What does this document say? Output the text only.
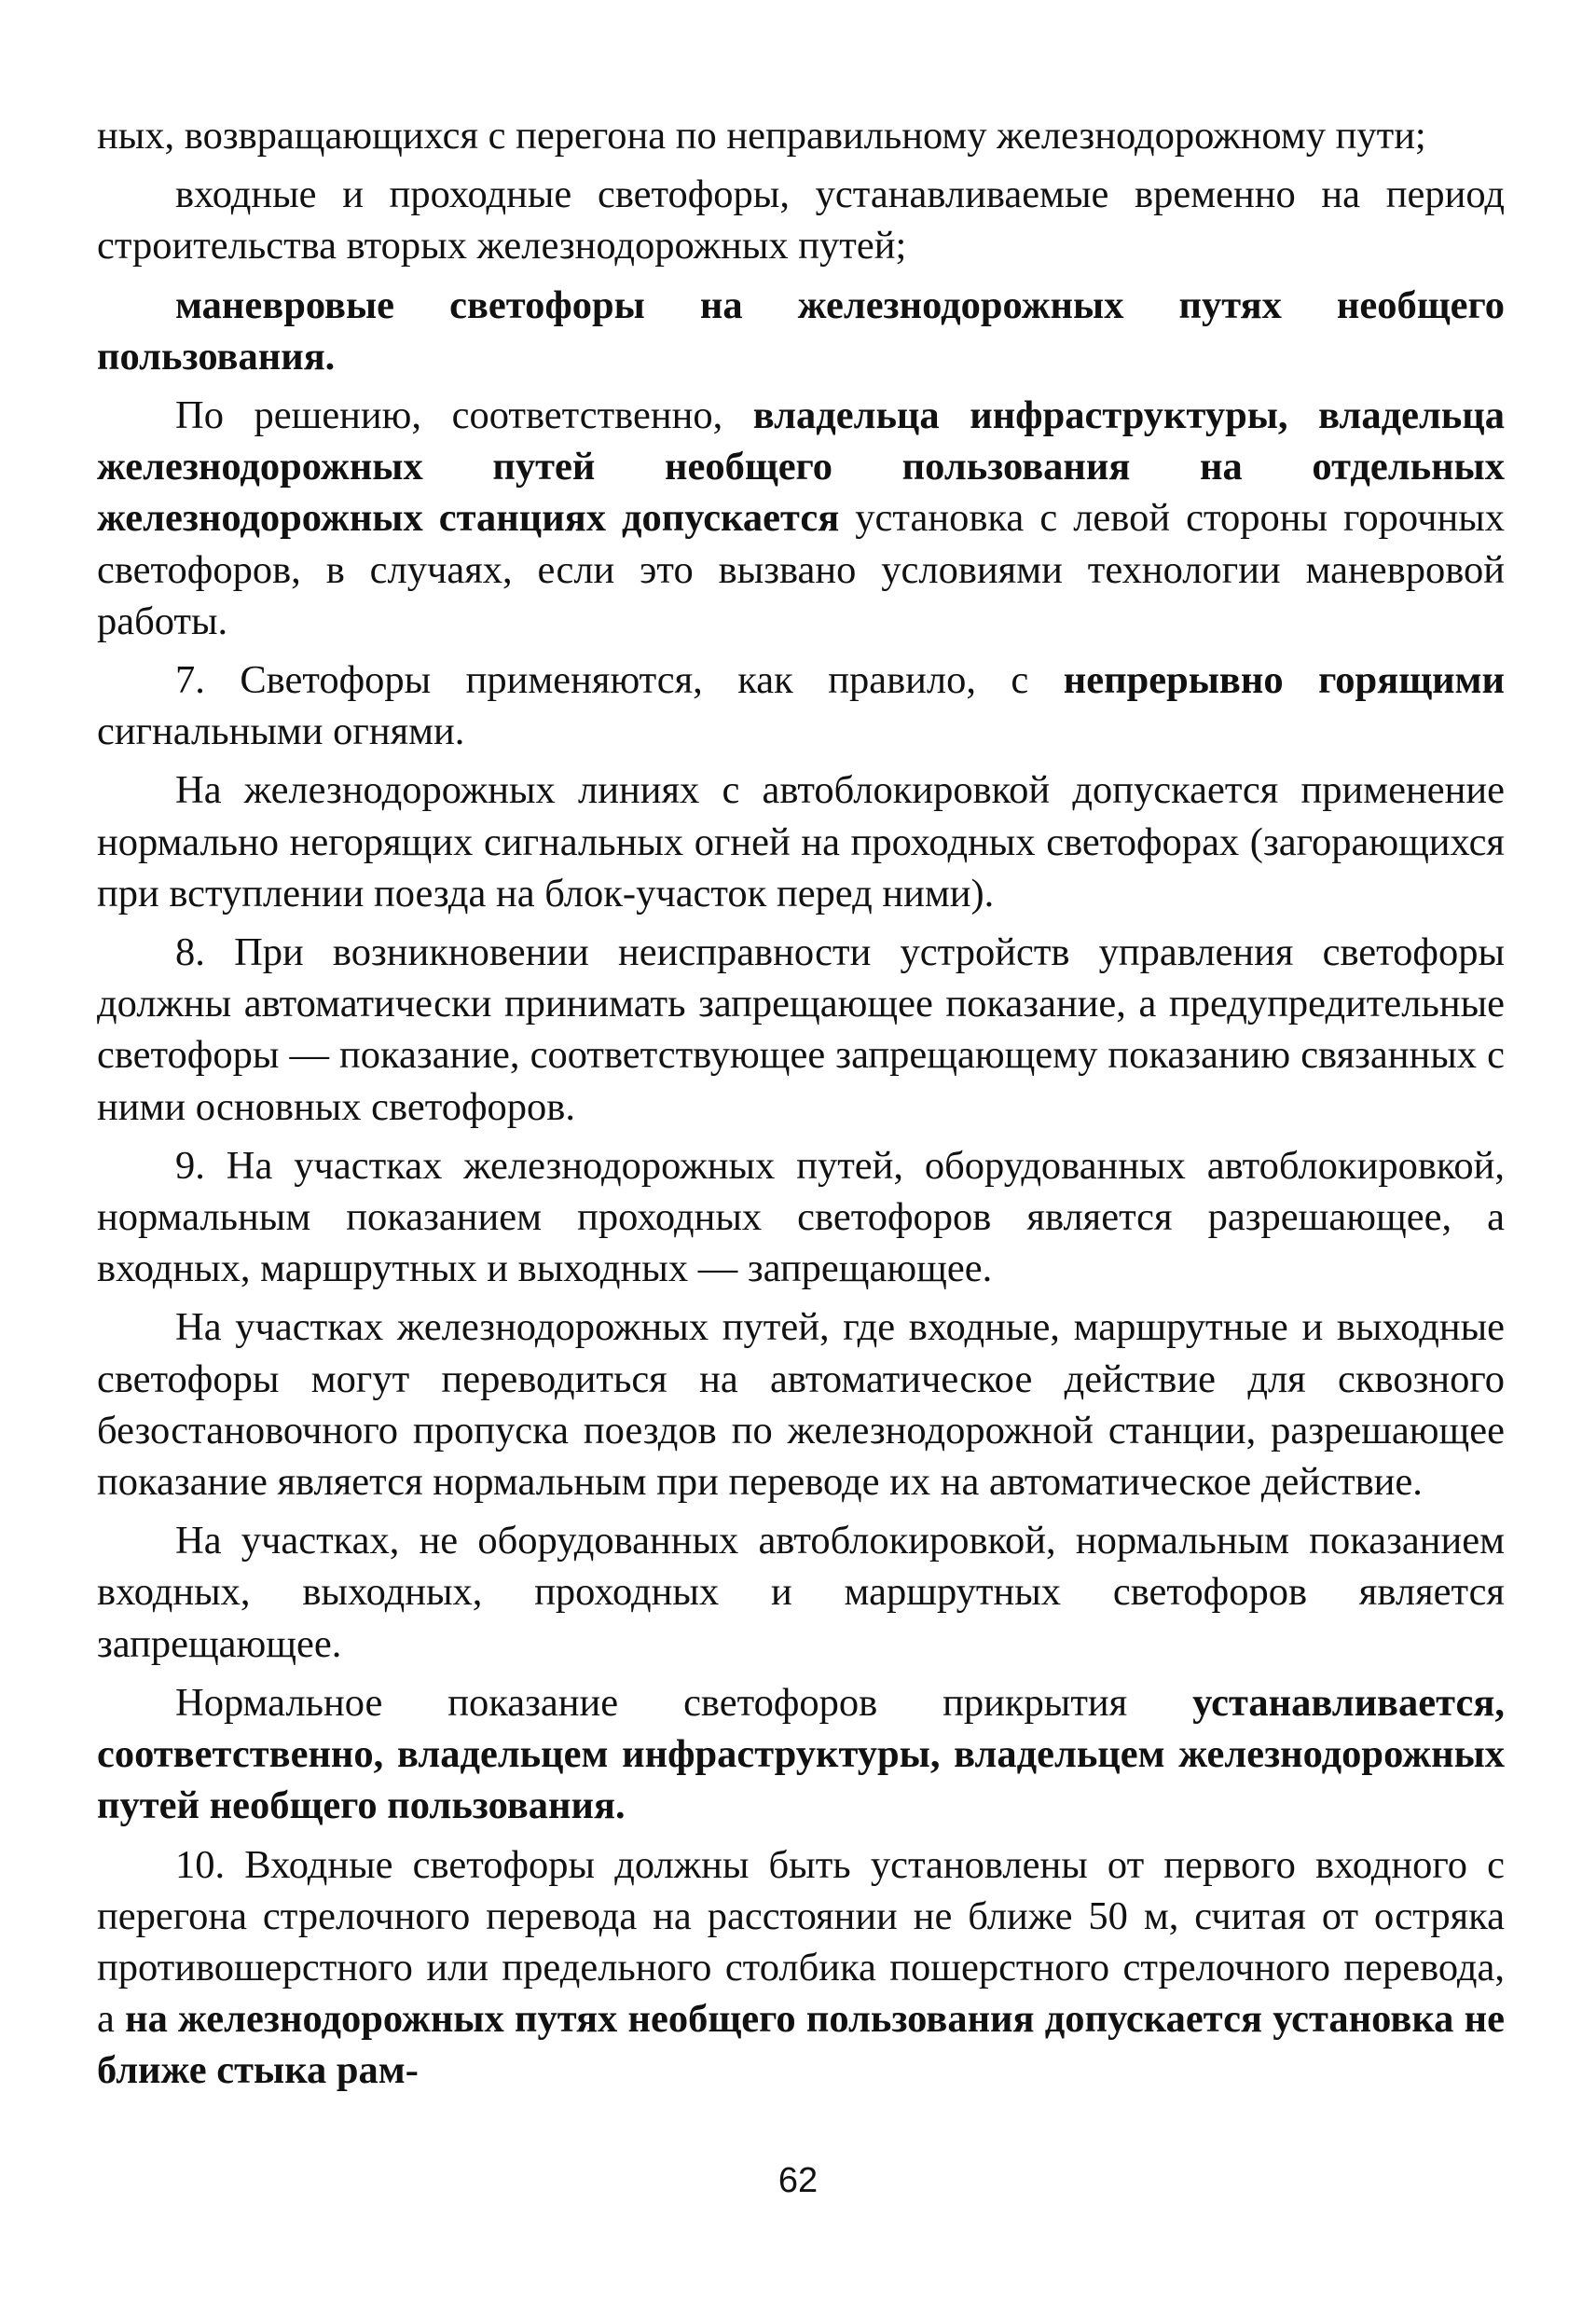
ных, возвращающихся с перегона по неправильному железнодорожному пути;

входные и проходные светофоры, устанавливаемые временно на период строительства вторых железнодорожных путей;

маневровые светофоры на железнодорожных путях необщего пользования.

По решению, соответственно, владельца инфраструктуры, владельца железнодорожных путей необщего пользования на отдельных железнодорожных станциях допускается установка с левой стороны горочных светофоров, в случаях, если это вызвано условиями технологии маневровой работы.

7. Светофоры применяются, как правило, с непрерывно горящими сигнальными огнями.

На железнодорожных линиях с автоблокировкой допускается применение нормально негорящих сигнальных огней на проходных светофорах (загорающихся при вступлении поезда на блок-участок перед ними).

8. При возникновении неисправности устройств управления светофоры должны автоматически принимать запрещающее показание, а предупредительные светофоры — показание, соответствующее запрещающему показанию связанных с ними основных светофоров.

9. На участках железнодорожных путей, оборудованных автоблокировкой, нормальным показанием проходных светофоров является разрешающее, а входных, маршрутных и выходных — запрещающее.

На участках железнодорожных путей, где входные, маршрутные и выходные светофоры могут переводиться на автоматическое действие для сквозного безостановочного пропуска поездов по железнодорожной станции, разрешающее показание является нормальным при переводе их на автоматическое действие.

На участках, не оборудованных автоблокировкой, нормальным показанием входных, выходных, проходных и маршрутных светофоров является запрещающее.

Нормальное показание светофоров прикрытия устанавливается, соответственно, владельцем инфраструктуры, владельцем железнодорожных путей необщего пользования.

10. Входные светофоры должны быть установлены от первого входного с перегона стрелочного перевода на расстоянии не ближе 50 м, считая от остряка противошерстного или предельного столбика пошерстного стрелочного перевода, а на железнодорожных путях необщего пользования допускается установка не ближе стыка рам-

62
